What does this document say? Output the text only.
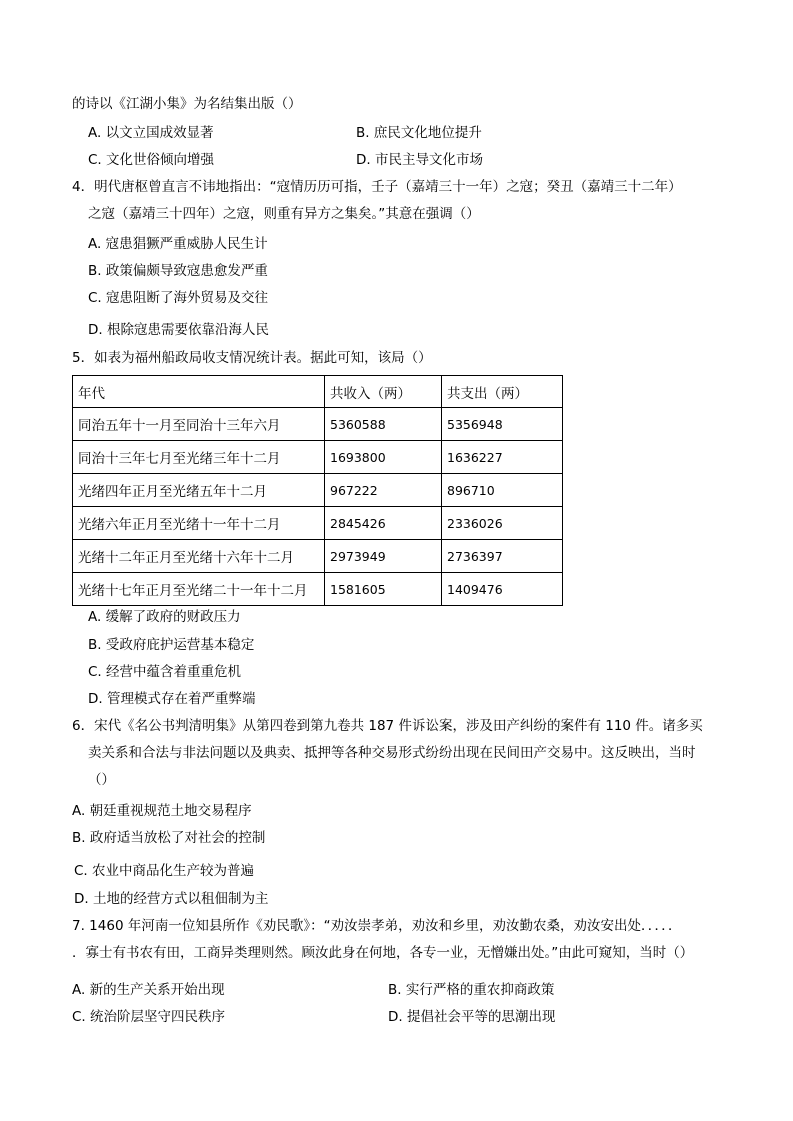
的诗以《江湖小集》为名结集出版（）
A. 以文立国成效显著	B. 庶民文化地位提升
C. 文化世俗倾向增强	D. 市民主导文化市场
4．明代唐枢曾直言不讳地指出：“寇情历历可指，壬子（嘉靖三十一年）之寇；癸丑（嘉靖三十二年）
之寇（嘉靖三十四年）之寇，则重有异方之集矣。”其意在强调（）
A. 寇患猖獗严重威胁人民生计
B. 政策偏颇导致寇患愈发严重
C. 寇患阻断了海外贸易及交往
D. 根除寇患需要依靠沿海人民
5．如表为福州船政局收支情况统计表。据此可知，该局（）
年代	共收入（两）	共支出（两）
同治五年十一月至同治十三年六月	5360588	5356948
同治十三年七月至光绪三年十二月	1693800	1636227
光绪四年正月至光绪五年十二月	967222	896710
光绪六年正月至光绪十一年十二月	2845426	2336026
光绪十二年正月至光绪十六年十二月	2973949	2736397
光绪十七年正月至光绪二十一年十二月	1581605	1409476
A. 缓解了政府的财政压力
B. 受政府庇护运营基本稳定
C. 经营中蕴含着重重危机
D. 管理模式存在着严重弊端
6．宋代《名公书判清明集》从第四卷到第九卷共 187 件诉讼案，涉及田产纠纷的案件有 110 件。诸多买
卖关系和合法与非法问题以及典卖、抵押等各种交易形式纷纷出现在民间田产交易中。这反映出，当时
（）
A. 朝廷重视规范土地交易程序
B. 政府适当放松了对社会的控制
C. 农业中商品化生产较为普遍
D. 土地的经营方式以租佃制为主
7. 1460 年河南一位知县所作《劝民歌》：“劝汝崇孝弟，劝汝和乡里，劝汝勤农桑，劝汝安出处．．．．．
．寡士有书农有田，工商异类理则然。顾汝此身在何地，各专一业，无憎嫌出处。”由此可窥知，当时（）
A. 新的生产关系开始出现	B. 实行严格的重农抑商政策
C. 统治阶层坚守四民秩序	D. 提倡社会平等的思潮出现
